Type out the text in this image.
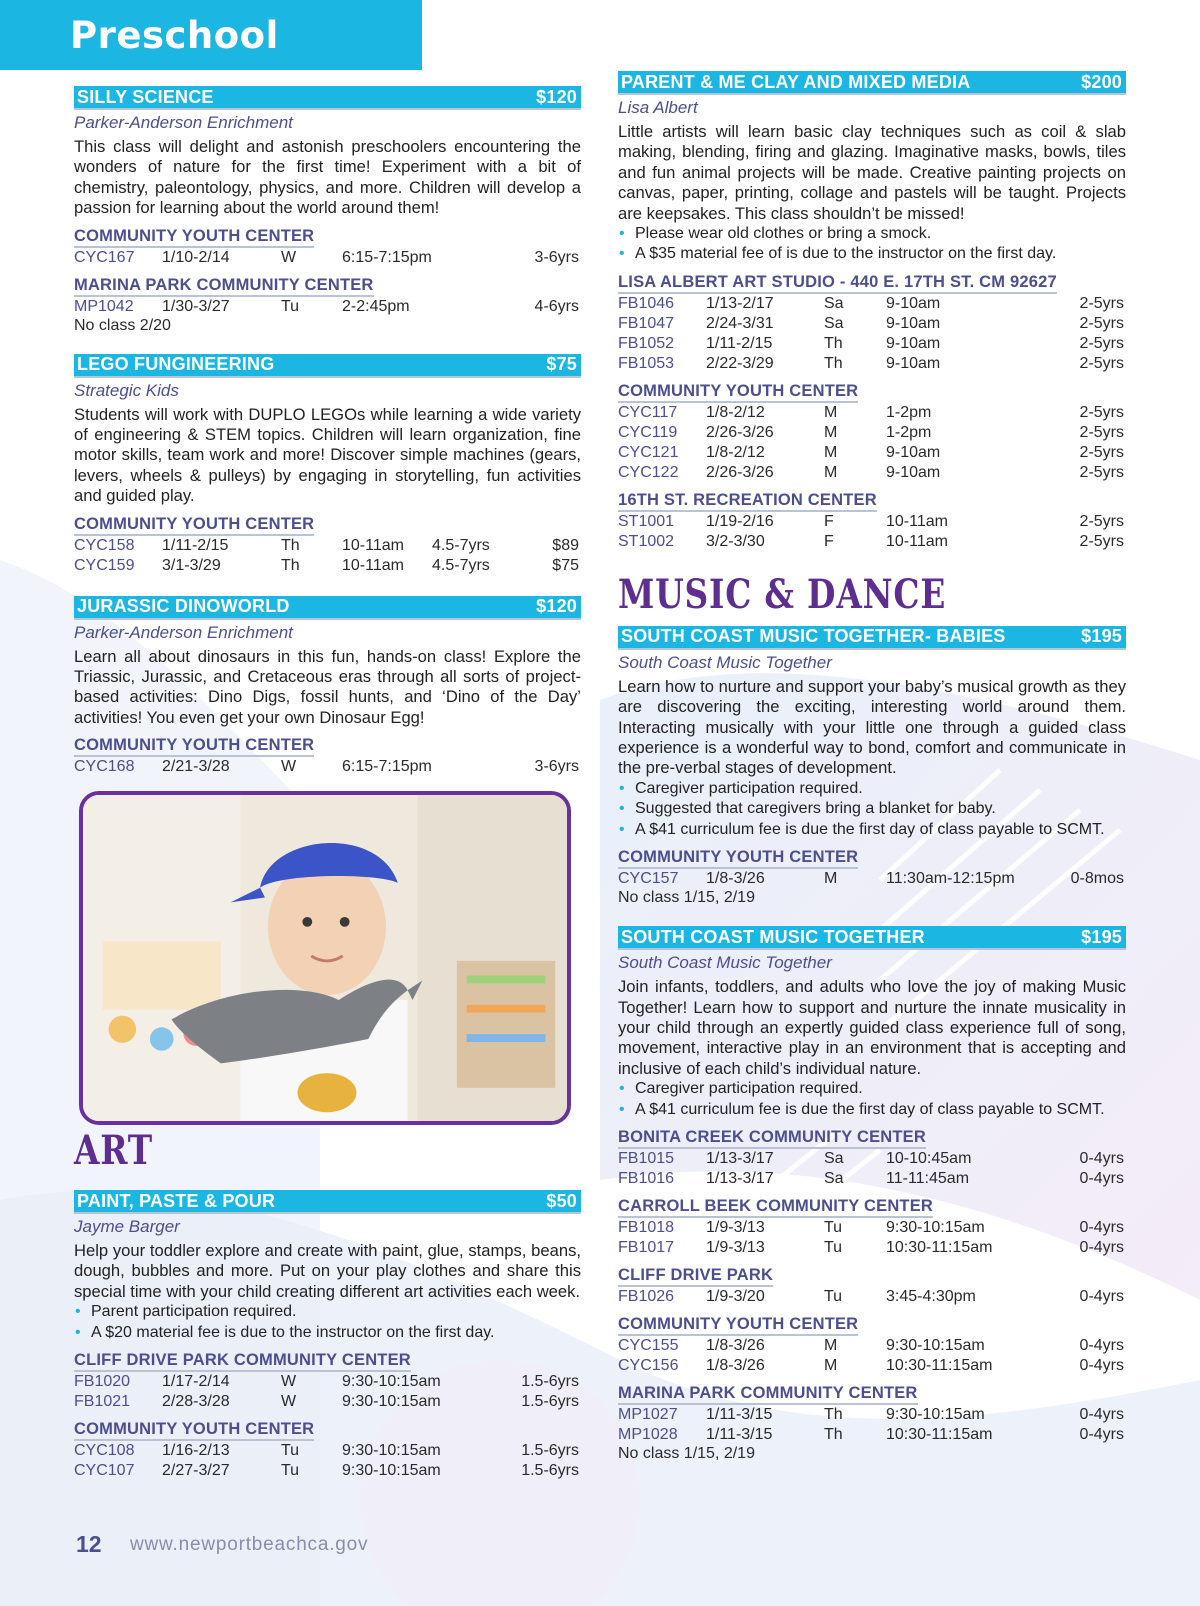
Preschool
SILLY SCIENCE	$120
Parker-Anderson Enrichment
This class will delight and astonish preschoolers encountering the wonders of nature for the first time! Experiment with a bit of chemistry, paleontology, physics, and more. Children will develop a passion for learning about the world around them!
COMMUNITY YOUTH CENTER
CYC167 1/10-2/14	W	6:15-7:15pm	3-6yrs
MARINA PARK COMMUNITY CENTER
MP1042 1/30-3/27	Tu	2-2:45pm	4-6yrs
No class 2/20
LEGO FUNGINEERING	$75
Strategic Kids
Students will work with DUPLO LEGOs while learning a wide variety of engineering & STEM topics. Children will learn organization, fine motor skills, team work and more! Discover simple machines (gears, levers, wheels & pulleys) by engaging in storytelling, fun activities and guided play.
COMMUNITY YOUTH CENTER
CYC158 1/11-2/15	Th	10-11am 4.5-7yrs	$89
CYC159 3/1-3/29	Th	10-11am 4.5-7yrs	$75
JURASSIC DINOWORLD	$120
Parker-Anderson Enrichment
Learn all about dinosaurs in this fun, hands-on class! Explore the Triassic, Jurassic, and Cretaceous eras through all sorts of project-based activities: Dino Digs, fossil hunts, and ‘Dino of the Day’ activities! You even get your own Dinosaur Egg!
COMMUNITY YOUTH CENTER
CYC168 2/21-3/28	W	6:15-7:15pm	3-6yrs
ART
PAINT, PASTE & POUR	$50
Jayme Barger
Help your toddler explore and create with paint, glue, stamps, beans, dough, bubbles and more. Put on your play clothes and share this special time with your child creating different art activities each week.
• Parent participation required.
• A $20 material fee is due to the instructor on the first day.
CLIFF DRIVE PARK COMMUNITY CENTER
FB1020 1/17-2/14	W	9:30-10:15am	1.5-6yrs
FB1021 2/28-3/28	W	9:30-10:15am	1.5-6yrs
COMMUNITY YOUTH CENTER
CYC108 1/16-2/13	Tu	9:30-10:15am	1.5-6yrs
CYC107 2/27-3/27	Tu	9:30-10:15am	1.5-6yrs
PARENT & ME CLAY AND MIXED MEDIA	$200
Lisa Albert
Little artists will learn basic clay techniques such as coil & slab making, blending, firing and glazing. Imaginative masks, bowls, tiles and fun animal projects will be made. Creative painting projects on canvas, paper, printing, collage and pastels will be taught. Projects are keepsakes. This class shouldn’t be missed!
• Please wear old clothes or bring a smock.
• A $35 material fee of is due to the instructor on the first day.
LISA ALBERT ART STUDIO - 440 E. 17TH ST. CM 92627
FB1046 1/13-2/17	Sa	9-10am	2-5yrs
FB1047 2/24-3/31	Sa	9-10am	2-5yrs
FB1052 1/11-2/15	Th	9-10am	2-5yrs
FB1053 2/22-3/29	Th	9-10am	2-5yrs
COMMUNITY YOUTH CENTER
CYC117 1/8-2/12	M	1-2pm	2-5yrs
CYC119 2/26-3/26	M	1-2pm	2-5yrs
CYC121 1/8-2/12	M	9-10am	2-5yrs
CYC122 2/26-3/26	M	9-10am	2-5yrs
16TH ST. RECREATION CENTER
ST1001 1/19-2/16	F	10-11am	2-5yrs
ST1002 3/2-3/30	F	10-11am	2-5yrs
MUSIC & DANCE
SOUTH COAST MUSIC TOGETHER- BABIES	$195
South Coast Music Together
Learn how to nurture and support your baby’s musical growth as they are discovering the exciting, interesting world around them. Interacting musically with your little one through a guided class experience is a wonderful way to bond, comfort and communicate in the pre-verbal stages of development.
• Caregiver participation required.
• Suggested that caregivers bring a blanket for baby.
• A $41 curriculum fee is due the first day of class payable to SCMT.
COMMUNITY YOUTH CENTER
CYC157 1/8-3/26	M	11:30am-12:15pm	0-8mos
No class 1/15, 2/19
SOUTH COAST MUSIC TOGETHER	$195
South Coast Music Together
Join infants, toddlers, and adults who love the joy of making Music Together! Learn how to support and nurture the innate musicality in your child through an expertly guided class experience full of song, movement, interactive play in an environment that is accepting and inclusive of each child’s individual nature.
• Caregiver participation required.
• A $41 curriculum fee is due the first day of class payable to SCMT.
BONITA CREEK COMMUNITY CENTER
FB1015 1/13-3/17	Sa	10-10:45am	0-4yrs
FB1016 1/13-3/17	Sa	11-11:45am	0-4yrs
CARROLL BEEK COMMUNITY CENTER
FB1018 1/9-3/13	Tu	9:30-10:15am	0-4yrs
FB1017 1/9-3/13	Tu	10:30-11:15am	0-4yrs
CLIFF DRIVE PARK
FB1026 1/9-3/20	Tu	3:45-4:30pm	0-4yrs
COMMUNITY YOUTH CENTER
CYC155 1/8-3/26	M	9:30-10:15am	0-4yrs
CYC156 1/8-3/26	M	10:30-11:15am	0-4yrs
MARINA PARK COMMUNITY CENTER
MP1027 1/11-3/15	Th	9:30-10:15am	0-4yrs
MP1028 1/11-3/15	Th	10:30-11:15am	0-4yrs
No class 1/15, 2/19
12 www.newportbeachca.gov
